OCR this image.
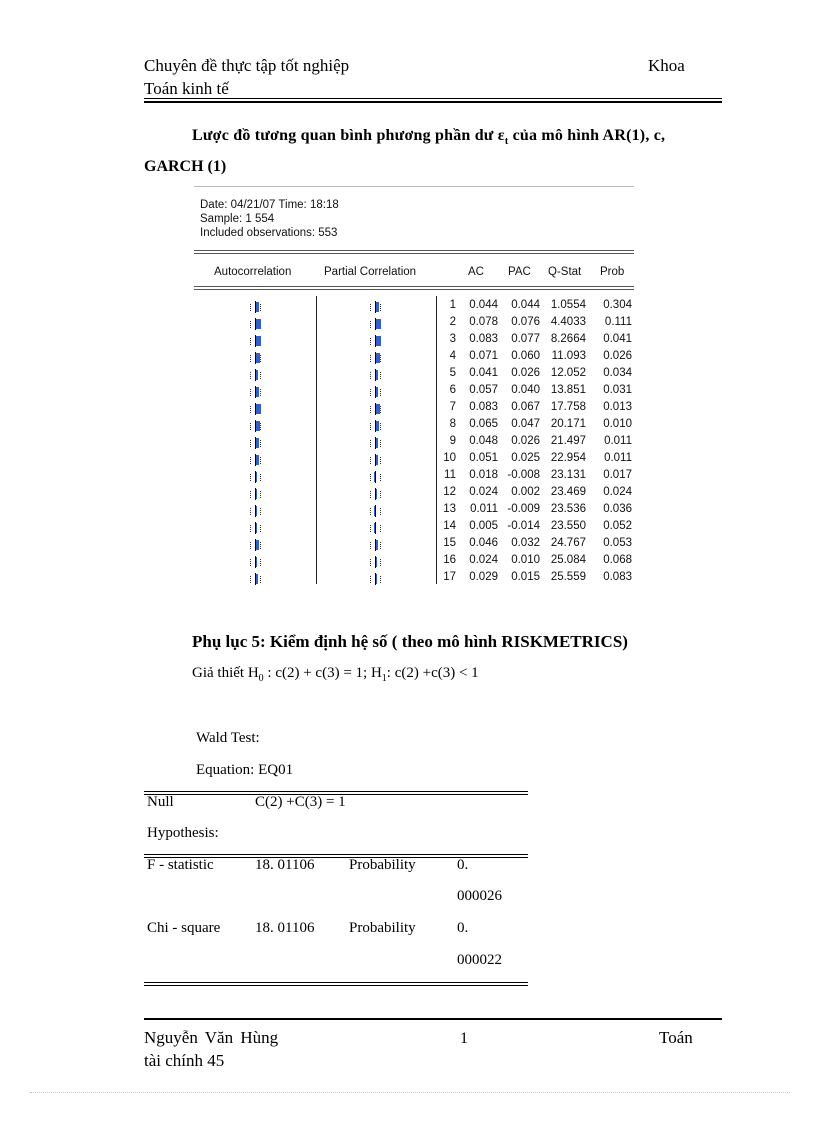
Chuyên đề thực tập tốt nghiệp
Toán kinh tế
Khoa
Lược đồ tương quan bình phương phần dư $\varepsilon_t$ của mô hình AR(1), c,
GARCH (1)
Date: 04/21/07 Time: 18:18
Sample: 1 554
Included observations: 553
Autocorrelation	Partial Correlation	AC PAC Q-Stat Prob
1	0.044	0.044 1.0554	0.304
2	0.078	0.076 4.4033	0.111
3	0.083	0.077 8.2664	0.041
4	0.071	0.060	11.093	0.026
5	0.041	0.026 12.052	0.034
6	0.057	0.040 13.851	0.031
7	0.083	0.067 17.758	0.013
8	0.065	0.047 20.171	0.010
9	0.048	0.026 21.497	0.011
10	0.051	0.025 22.954	0.011
11	0.018 -0.008 23.131	0.017
12	0.024	0.002 23.469	0.024
13	0.011 -0.009 23.536	0.036
14	0.005 -0.014 23.550	0.052
15	0.046	0.032 24.767	0.053
16	0.024	0.010 25.084	0.068
17	0.029	0.015 25.559	0.083
Phụ lục 5: Kiểm định hệ số ( theo mô hình RISKMETRICS)
Giả thiết $H_0$ : c(2) + c(3) = 1; $H_1$: c(2) +c(3) < 1
Wald Test:
Equation: EQ01
Null	C(2) +C(3) = 1
Hypothesis:
F - statistic	18. 01106 Probability	0.
000026
Chi - square 18. 01106 Probability	0.
000022
Nguyễn Văn Hùng
tài chính 45
1	Toán
